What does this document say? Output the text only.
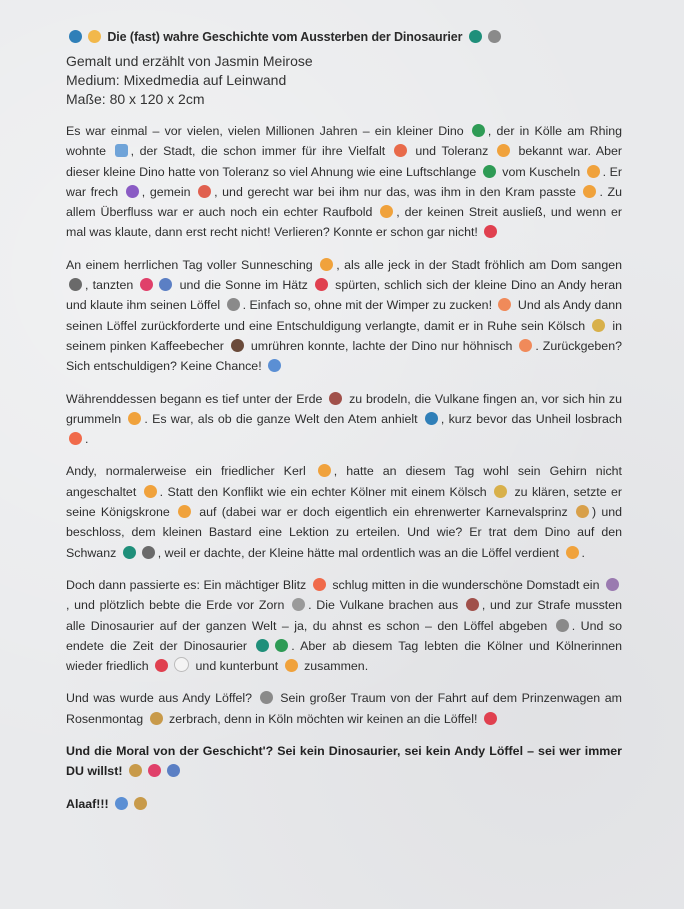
Die (fast) wahre Geschichte vom Aussterben der Dinosaurier
Gemalt und erzählt von Jasmin Meirose
Medium: Mixedmedia auf Leinwand
Maße: 80 x 120 x 2cm

Es war einmal – vor vielen, vielen Millionen Jahren – ein kleiner Dino , der in Kölle am Rhing wohnte , der Stadt, die schon immer für ihre Vielfalt  und Toleranz  bekannt war. Aber dieser kleine Dino hatte von Toleranz so viel Ahnung wie eine Luftschlange  vom Kuscheln . Er war frech , gemein , und gerecht war bei ihm nur das, was ihm in den Kram passte . Zu allem Überfluss war er auch noch ein echter Raufbold , der keinen Streit ausließ, und wenn er mal was klaute, dann erst recht nicht! Verlieren? Konnte er schon gar nicht!

An einem herrlichen Tag voller Sunnesching , als alle jeck in der Stadt fröhlich am Dom sangen , tanzten	und die Sonne im Hätz  spürten, schlich sich der kleine Dino an Andy heran und klaute ihm seinen Löffel . Einfach so, ohne mit der Wimper zu zucken!  Und als Andy dann seinen Löffel zurückforderte und eine Entschuldigung verlangte, damit er in Ruhe sein Kölsch  in seinem pinken Kaffeebecher  umrühren konnte, lachte der Dino nur höhnisch . Zurückgeben? Sich entschuldigen? Keine Chance!

Währenddessen begann es tief unter der Erde  zu brodeln, die Vulkane fingen an, vor sich hin zu grummeln . Es war, als ob die ganze Welt den Atem anhielt , kurz bevor das Unheil losbrach .

Andy, normalerweise ein friedlicher Kerl , hatte an diesem Tag wohl sein Gehirn nicht angeschaltet . Statt den Konflikt wie ein echter Kölner mit einem Kölsch  zu klären, setzte er seine Königskrone  auf (dabei war er doch eigentlich ein ehrenwerter Karnevalsprinz ) und beschloss, dem kleinen Bastard eine Lektion zu erteilen. Und wie? Er trat dem Dino auf den Schwanz	, weil er dachte, der Kleine hätte mal ordentlich was an die Löffel verdient .

Doch dann passierte es: Ein mächtiger Blitz  schlug mitten in die wunderschöne Domstadt ein , und plötzlich bebte die Erde vor Zorn . Die Vulkane brachen aus , und zur Strafe mussten alle Dinosaurier auf der ganzen Welt – ja, du ahnst es schon – den Löffel abgeben . Und so endete die Zeit der Dinosaurier	. Aber ab diesem Tag lebten die Kölner und Kölnerinnen wieder friedlich	und kunterbunt  zusammen.

Und was wurde aus Andy Löffel?  Sein großer Traum von der Fahrt auf dem Prinzenwagen am Rosenmontag  zerbrach, denn in Köln möchten wir keinen an die Löffel!

Und die Moral von der Geschicht'? Sei kein Dinosaurier, sei kein Andy Löffel – sei wer immer DU willst!

Alaaf!!!
